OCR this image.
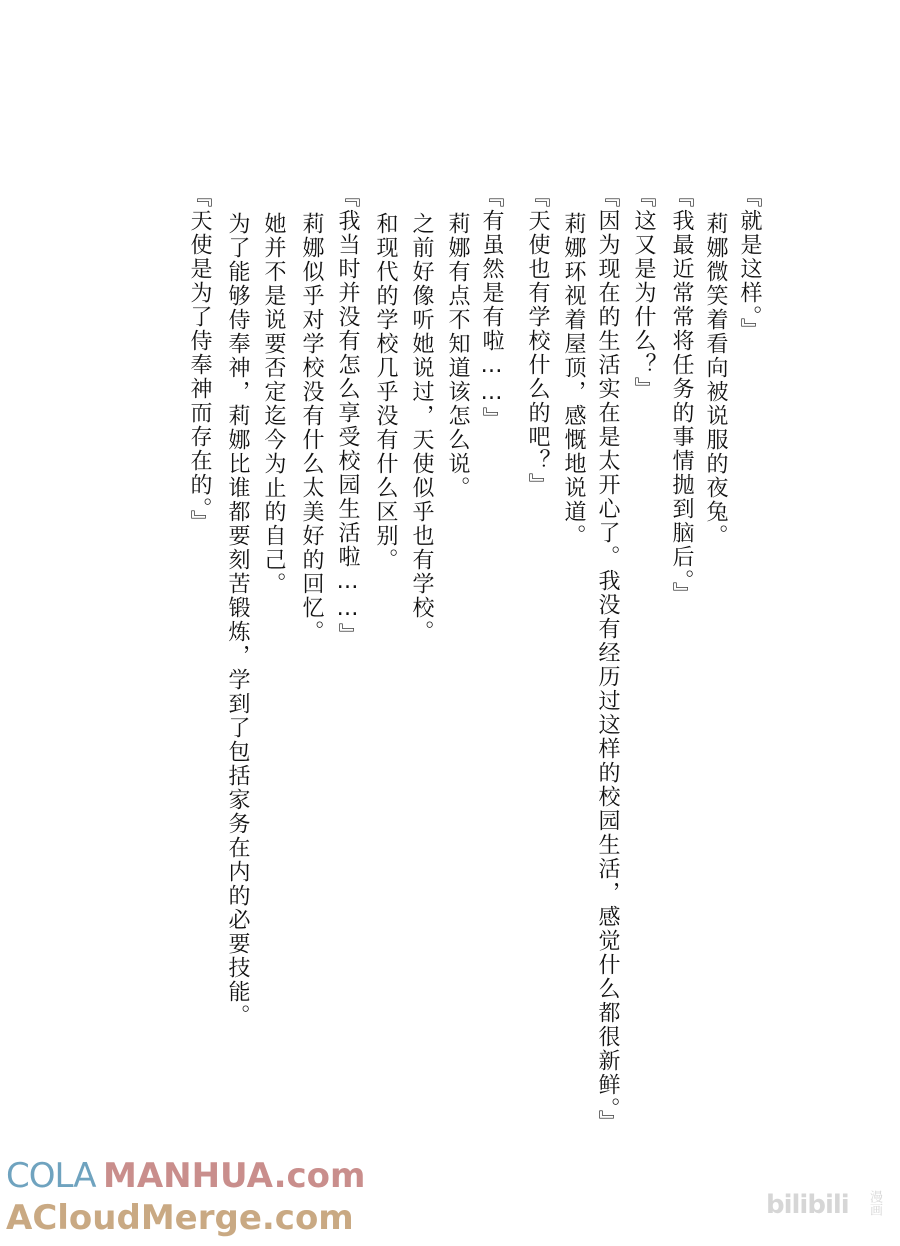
『就是这样。』
莉娜微笑着看向被说服的夜兔。
『我最近常常将任务的事情抛到脑后。』
『这又是为什么？』
『因为现在的生活实在是太开心了。我没有经历过这样的校园生活，感觉什么都很新鲜。』
莉娜环视着屋顶，感慨地说道。
『天使也有学校什么的吧？』
『有虽然是有啦……』
莉娜有点不知道该怎么说。
之前好像听她说过，天使似乎也有学校。
和现代的学校几乎没有什么区别。
『我当时并没有怎么享受校园生活啦……』
莉娜似乎对学校没有什么太美好的回忆。
她并不是说要否定迄今为止的自己。
为了能够侍奉神，莉娜比谁都要刻苦锻炼，学到了包括家务在内的必要技能。
『天使是为了侍奉神而存在的。』
COLA MANHUA.com
ACloudMerge.com	bilibili 漫画
